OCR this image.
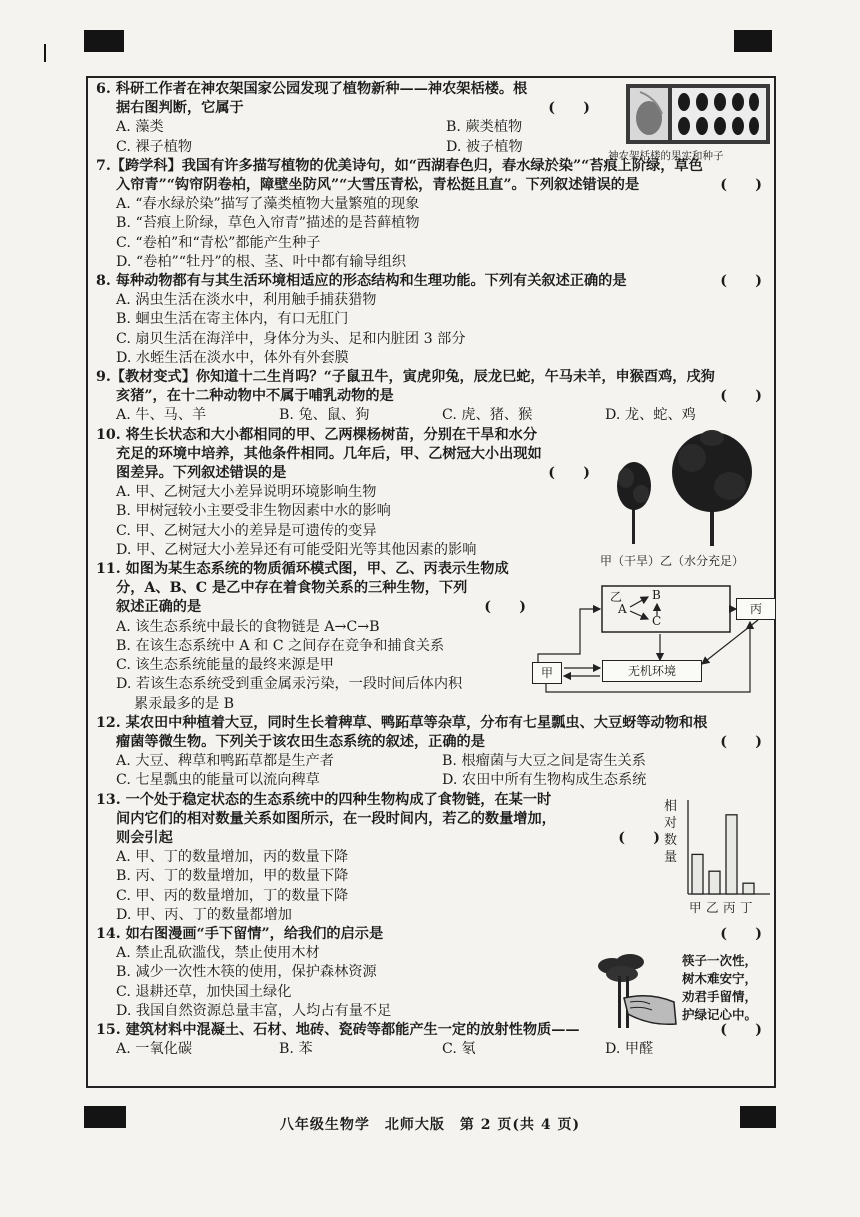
6. 科研工作者在神农架国家公园发现了植物新种——神农架栝楼。根
据右图判断，它属于	(　　)
A. 藻类	B. 蕨类植物
C. 裸子植物	D. 被子植物
7.【跨学科】我国有许多描写植物的优美诗句，如“西湖春色归，春水绿於染”“苔痕上阶绿，草色
入帘青”“钩帘阴卷柏，障壁坐防风”“大雪压青松，青松挺且直”。下列叙述错误的是	(　　)
A. “春水绿於染”描写了藻类植物大量繁殖的现象
B. “苔痕上阶绿，草色入帘青”描述的是苔藓植物
C. “卷柏”和“青松”都能产生种子
D. “卷柏”“牡丹”的根、茎、叶中都有输导组织
8. 每种动物都有与其生活环境相适应的形态结构和生理功能。下列有关叙述正确的是	(　　)
A. 涡虫生活在淡水中，利用触手捕获猎物
B. 蛔虫生活在寄主体内，有口无肛门
C. 扇贝生活在海洋中，身体分为头、足和内脏团 3 部分
D. 水蛭生活在淡水中，体外有外套膜
9.【教材变式】你知道十二生肖吗？“子鼠丑牛，寅虎卯兔，辰龙巳蛇，午马未羊，申猴酉鸡，戌狗
亥猪”，在十二种动物中不属于哺乳动物的是	(　　)
A. 牛、马、羊	B. 兔、鼠、狗	C. 虎、猪、猴	D. 龙、蛇、鸡
10. 将生长状态和大小都相同的甲、乙两棵杨树苗，分别在干旱和水分
充足的环境中培养，其他条件相同。几年后，甲、乙树冠大小出现如
图差异。下列叙述错误的是	(　　)
A. 甲、乙树冠大小差异说明环境影响生物
B. 甲树冠较小主要受非生物因素中水的影响
C. 甲、乙树冠大小的差异是可遗传的变异
D. 甲、乙树冠大小差异还有可能受阳光等其他因素的影响
11. 如图为某生态系统的物质循环模式图，甲、乙、丙表示生物成
分，A、B、C 是乙中存在着食物关系的三种生物，下列
叙述正确的是	(　　)
A. 该生态系统中最长的食物链是 A→C→B
B. 在该生态系统中 A 和 C 之间存在竞争和捕食关系
C. 该生态系统能量的最终来源是甲
D. 若该生态系统受到重金属汞污染，一段时间后体内积
累汞最多的是 B
12. 某农田中种植着大豆，同时生长着稗草、鸭跖草等杂草，分布有七星瓢虫、大豆蚜等动物和根
瘤菌等微生物。下列关于该农田生态系统的叙述，正确的是	(　　)
A. 大豆、稗草和鸭跖草都是生产者	B. 根瘤菌与大豆之间是寄生关系
C. 七星瓢虫的能量可以流向稗草	D. 农田中所有生物构成生态系统
13. 一个处于稳定状态的生态系统中的四种生物构成了食物链，在某一时
间内它们的相对数量关系如图所示，在一段时间内，若乙的数量增加，
则会引起	(　　)
A. 甲、丁的数量增加，丙的数量下降
B. 丙、丁的数量增加，甲的数量下降
C. 甲、丙的数量增加，丁的数量下降
D. 甲、丙、丁的数量都增加
14. 如右图漫画“手下留情”，给我们的启示是	(　　)
A. 禁止乱砍滥伐，禁止使用木材
B. 减少一次性木筷的使用，保护森林资源
C. 退耕还草，加快国土绿化
D. 我国自然资源总量丰富，人均占有量不足
15. 建筑材料中混凝土、石材、地砖、瓷砖等都能产生一定的放射性物质——	(　　)
A. 一氧化碳	B. 苯	C. 氡	D. 甲醛
神农架栝楼的果实和种子
甲（干旱）乙（水分充足）
乙
A
B
C
丙
甲	无机环境
相对数量
甲 乙 丙 丁
筷子一次性，
树木难安宁，
劝君手留情，
护绿记心中。
八年级生物学　北师大版　第 2 页(共 4 页)
